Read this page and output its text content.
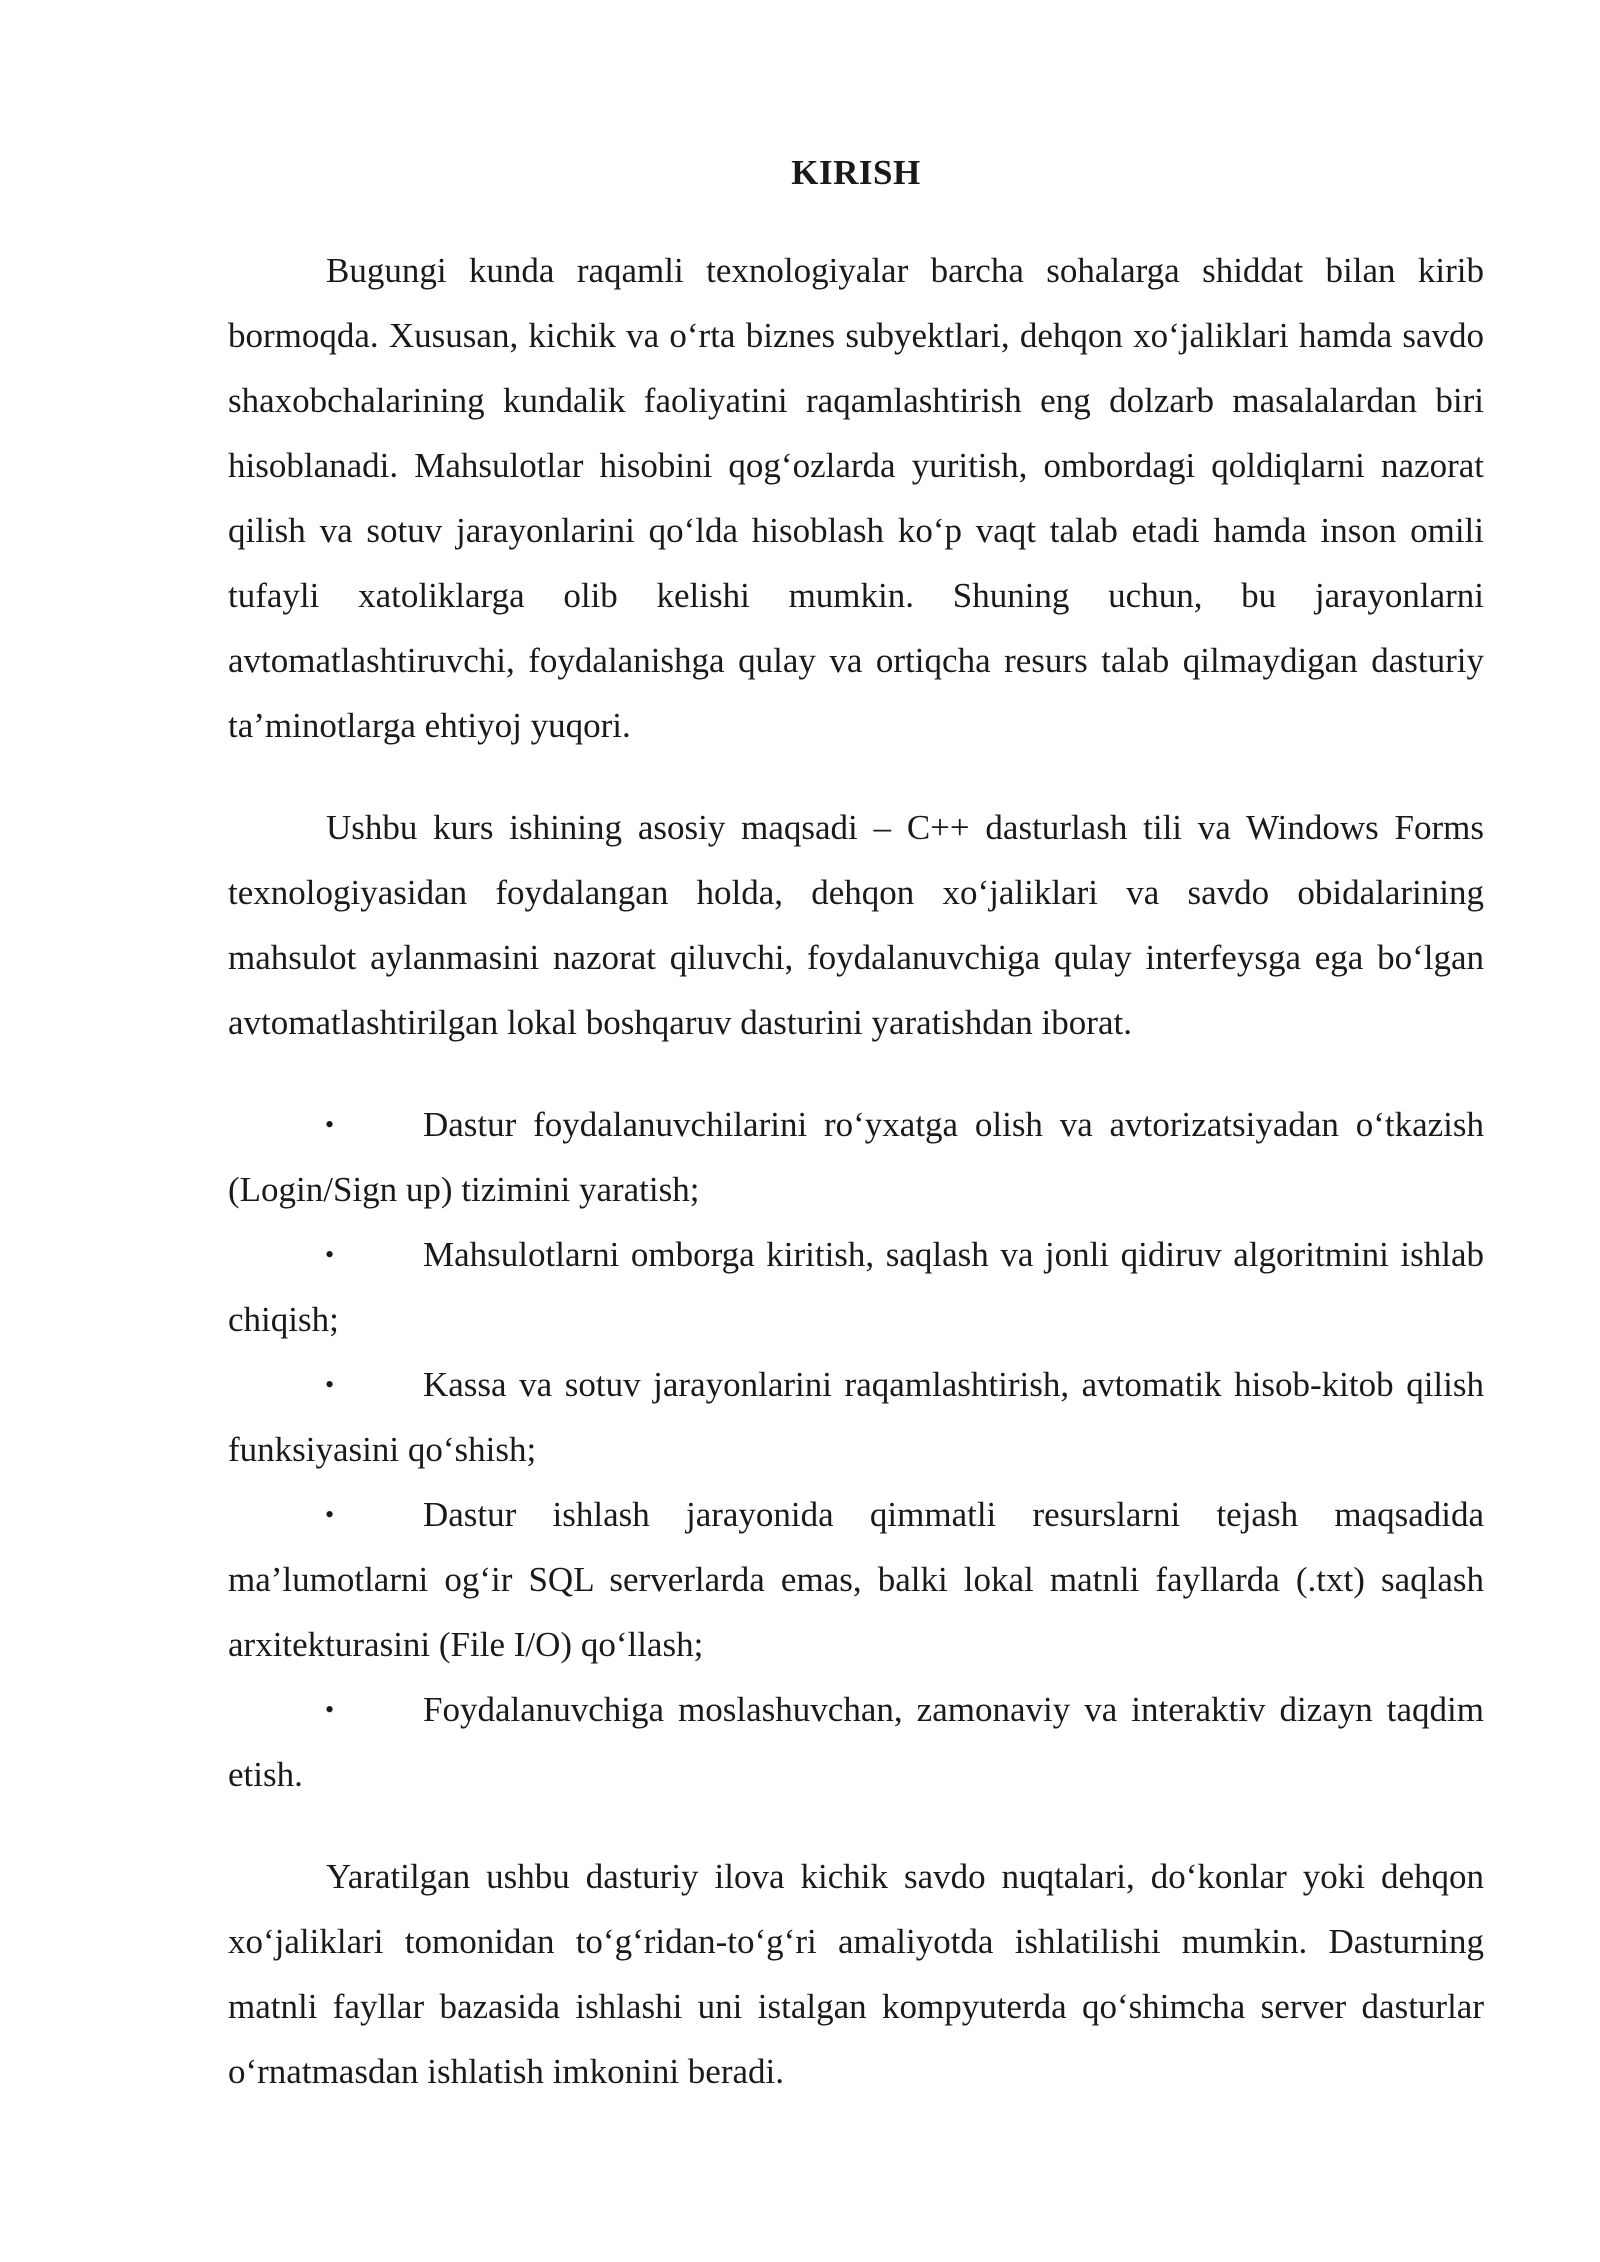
KIRISH

Bugungi kunda raqamli texnologiyalar barcha sohalarga shiddat bilan kirib bormoqda. Xususan, kichik va o‘rta biznes subyektlari, dehqon xo‘jaliklari hamda savdo shaxobchalarining kundalik faoliyatini raqamlashtirish eng dolzarb masalalardan biri hisoblanadi. Mahsulotlar hisobini qog‘ozlarda yuritish, ombordagi qoldiqlarni nazorat qilish va sotuv jarayonlarini qo‘lda hisoblash ko‘p vaqt talab etadi hamda inson omili tufayli xatoliklarga olib kelishi mumkin. Shuning uchun, bu jarayonlarni avtomatlashtiruvchi, foydalanishga qulay va ortiqcha resurs talab qilmaydigan dasturiy ta’minotlarga ehtiyoj yuqori.

Ushbu kurs ishining asosiy maqsadi – C++ dasturlash tili va Windows Forms texnologiyasidan foydalangan holda, dehqon xo‘jaliklari va savdo obidalarining mahsulot aylanmasini nazorat qiluvchi, foydalanuvchiga qulay interfeysga ega bo‘lgan avtomatlashtirilgan lokal boshqaruv dasturini yaratishdan iborat.

•	Dastur foydalanuvchilarini ro‘yxatga olish va avtorizatsiyadan o‘tkazish (Login/Sign up) tizimini yaratish;
•	Mahsulotlarni omborga kiritish, saqlash va jonli qidiruv algoritmini ishlab chiqish;
•	Kassa va sotuv jarayonlarini raqamlashtirish, avtomatik hisob-kitob qilish funksiyasini qo‘shish;
•	Dastur ishlash jarayonida qimmatli resurslarni tejash maqsadida ma’lumotlarni og‘ir SQL serverlarda emas, balki lokal matnli fayllarda (.txt) saqlash arxitekturasini (File I/O) qo‘llash;
•	Foydalanuvchiga moslashuvchan, zamonaviy va interaktiv dizayn taqdim etish.

Yaratilgan ushbu dasturiy ilova kichik savdo nuqtalari, do‘konlar yoki dehqon xo‘jaliklari tomonidan to‘g‘ridan-to‘g‘ri amaliyotda ishlatilishi mumkin. Dasturning matnli fayllar bazasida ishlashi uni istalgan kompyuterda qo‘shimcha server dasturlar o‘rnatmasdan ishlatish imkonini beradi.
